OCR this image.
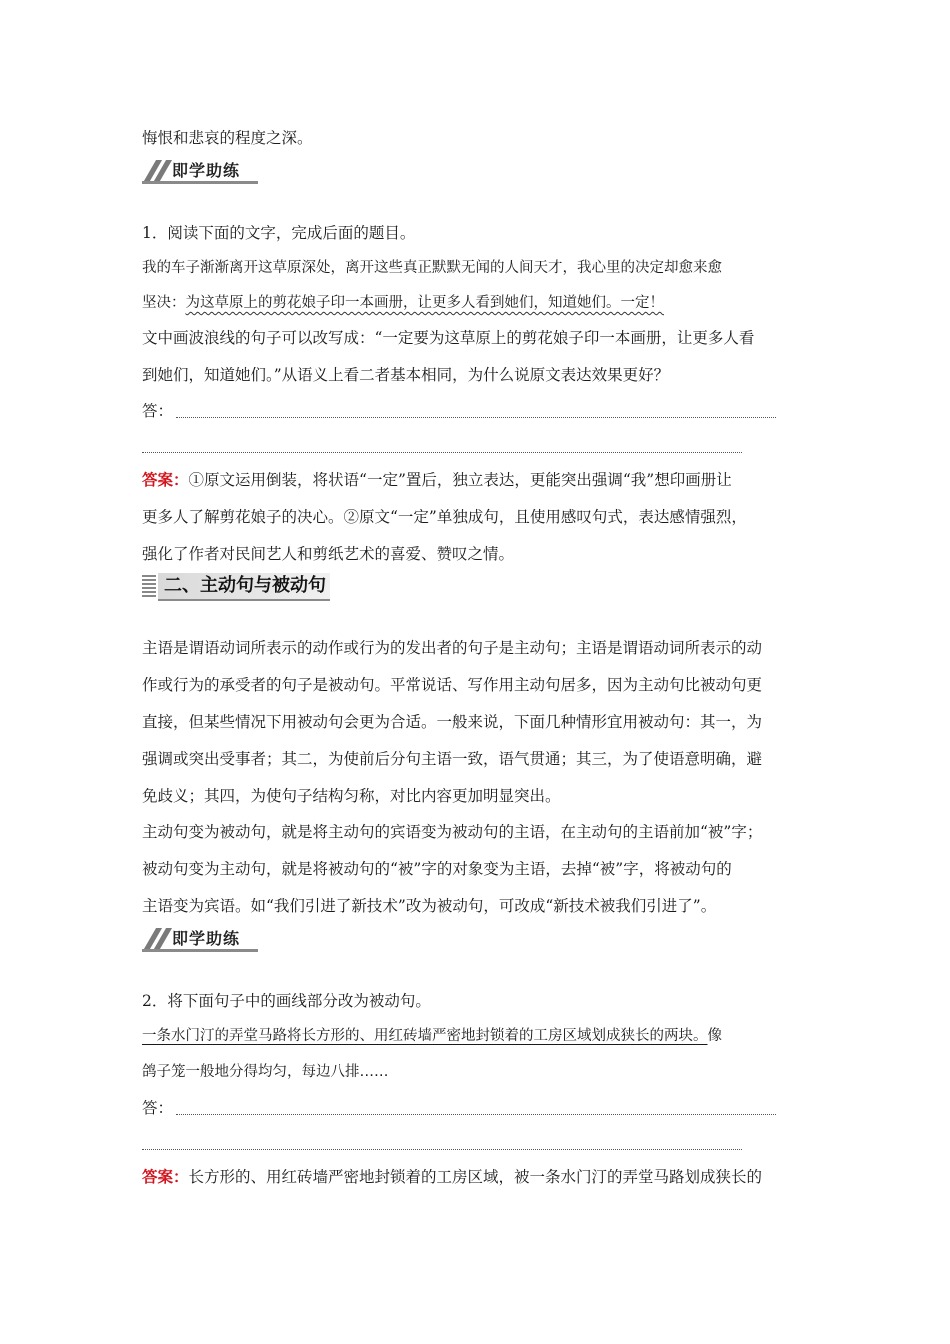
悔恨和悲哀的程度之深。
即学助练
1．阅读下面的文字，完成后面的题目。
我的车子渐渐离开这草原深处，离开这些真正默默无闻的人间天才，我心里的决定却愈来愈
坚决：为这草原上的剪花娘子印一本画册，让更多人看到她们，知道她们。一定！
文中画波浪线的句子可以改写成：“一定要为这草原上的剪花娘子印一本画册，让更多人看
到她们，知道她们。”从语义上看二者基本相同，为什么说原文表达效果更好？
答：
答案：①原文运用倒装，将状语“一定”置后，独立表达，更能突出强调“我”想印画册让
更多人了解剪花娘子的决心。②原文“一定”单独成句，且使用感叹句式，表达感情强烈，
强化了作者对民间艺人和剪纸艺术的喜爱、赞叹之情。
二、主动句与被动句
主语是谓语动词所表示的动作或行为的发出者的句子是主动句；主语是谓语动词所表示的动
作或行为的承受者的句子是被动句。平常说话、写作用主动句居多，因为主动句比被动句更
直接，但某些情况下用被动句会更为合适。一般来说，下面几种情形宜用被动句：其一，为
强调或突出受事者；其二，为使前后分句主语一致，语气贯通；其三，为了使语意明确，避
免歧义；其四，为使句子结构匀称，对比内容更加明显突出。
主动句变为被动句，就是将主动句的宾语变为被动句的主语，在主动句的主语前加“被”字；
被动句变为主动句，就是将被动句的“被”字的对象变为主语，去掉“被”字，将被动句的
主语变为宾语。如“我们引进了新技术”改为被动句，可改成“新技术被我们引进了”。
即学助练
2．将下面句子中的画线部分改为被动句。
一条水门汀的弄堂马路将长方形的、用红砖墙严密地封锁着的工房区域划成狭长的两块。像
鸽子笼一般地分得均匀，每边八排……
答：
答案：长方形的、用红砖墙严密地封锁着的工房区域，被一条水门汀的弄堂马路划成狭长的
